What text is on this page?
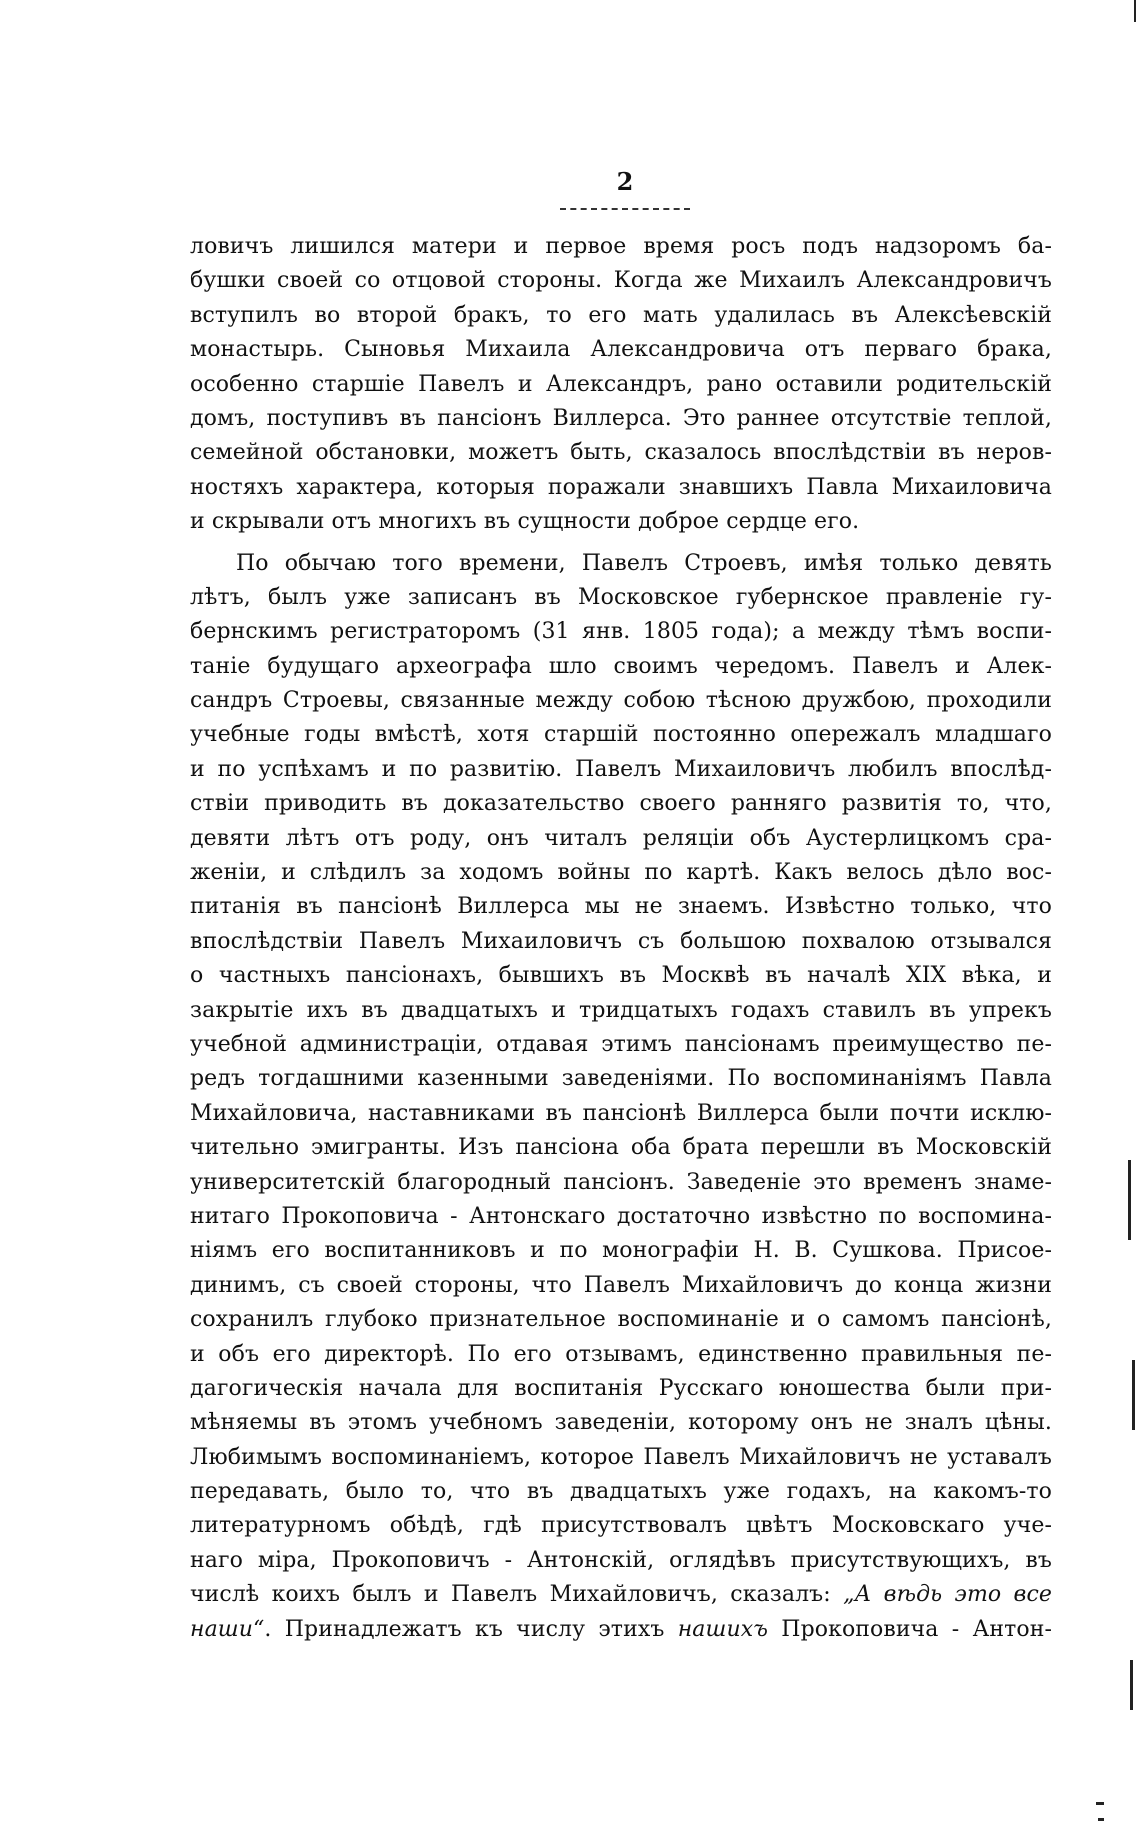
2
ловичъ лишился матери и первое время росъ подъ надзоромъ ба-
бушки своей со отцовой стороны. Когда же Михаилъ Александровичъ
вступилъ во второй бракъ, то его мать удалилась въ Алексѣевскій
монастырь. Сыновья Михаила Александровича отъ перваго брака,
особенно старшіе Павелъ и Александръ, рано оставили родительскій
домъ, поступивъ въ пансіонъ Виллерса. Это раннее отсутствіе теплой,
семейной обстановки, можетъ быть, сказалось впослѣдствіи въ неров-
ностяхъ характера, которыя поражали знавшихъ Павла Михаиловича
и скрывали отъ многихъ въ сущности доброе сердце его.
По обычаю того времени, Павелъ Строевъ, имѣя только девять
лѣтъ, былъ уже записанъ въ Московское губернское правленіе гу-
бернскимъ регистраторомъ (31 янв. 1805 года); а между тѣмъ воспи-
таніе будущаго археографа шло своимъ чередомъ. Павелъ и Алек-
сандръ Строевы, связанные между собою тѣсною дружбою, проходили
учебные годы вмѣстѣ, хотя старшій постоянно опережалъ младшаго
и по успѣхамъ и по развитію. Павелъ Михаиловичъ любилъ впослѣд-
ствіи приводить въ доказательство своего ранняго развитія то, что,
девяти лѣтъ отъ роду, онъ читалъ реляціи объ Аустерлицкомъ сра-
женіи, и слѣдилъ за ходомъ войны по картѣ. Какъ велось дѣло вос-
питанія въ пансіонѣ Виллерса мы не знаемъ. Извѣстно только, что
впослѣдствіи Павелъ Михаиловичъ съ большою похвалою отзывался
о частныхъ пансіонахъ, бывшихъ въ Москвѣ въ началѣ XIX вѣка, и
закрытіе ихъ въ двадцатыхъ и тридцатыхъ годахъ ставилъ въ упрекъ
учебной администраціи, отдавая этимъ пансіонамъ преимущество пе-
редъ тогдашними казенными заведеніями. По воспоминаніямъ Павла
Михайловича, наставниками въ пансіонѣ Виллерса были почти исклю-
чительно эмигранты. Изъ пансіона оба брата перешли въ Московскій
университетскій благородный пансіонъ. Заведеніе это временъ знаме-
нитаго Прокоповича - Антонскаго достаточно извѣстно по воспомина-
ніямъ его воспитанниковъ и по монографіи Н. В. Сушкова. Присое-
динимъ, съ своей стороны, что Павелъ Михайловичъ до конца жизни
сохранилъ глубоко признательное воспоминаніе и о самомъ пансіонѣ,
и объ его директорѣ. По его отзывамъ, единственно правильныя пе-
дагогическія начала для воспитанія Русскаго юношества были при-
мѣняемы въ этомъ учебномъ заведеніи, которому онъ не зналъ цѣны.
Любимымъ воспоминаніемъ, которое Павелъ Михайловичъ не уставалъ
передавать, было то, что въ двадцатыхъ уже годахъ, на какомъ-то
литературномъ обѣдѣ, гдѣ присутствовалъ цвѣтъ Московскаго уче-
наго міра, Прокоповичъ - Антонскій, оглядѣвъ присутствующихъ, въ
числѣ коихъ былъ и Павелъ Михайловичъ, сказалъ: „А вѣдь это все
наши“. Принадлежатъ къ числу этихъ нашихъ Прокоповича - Антон-
